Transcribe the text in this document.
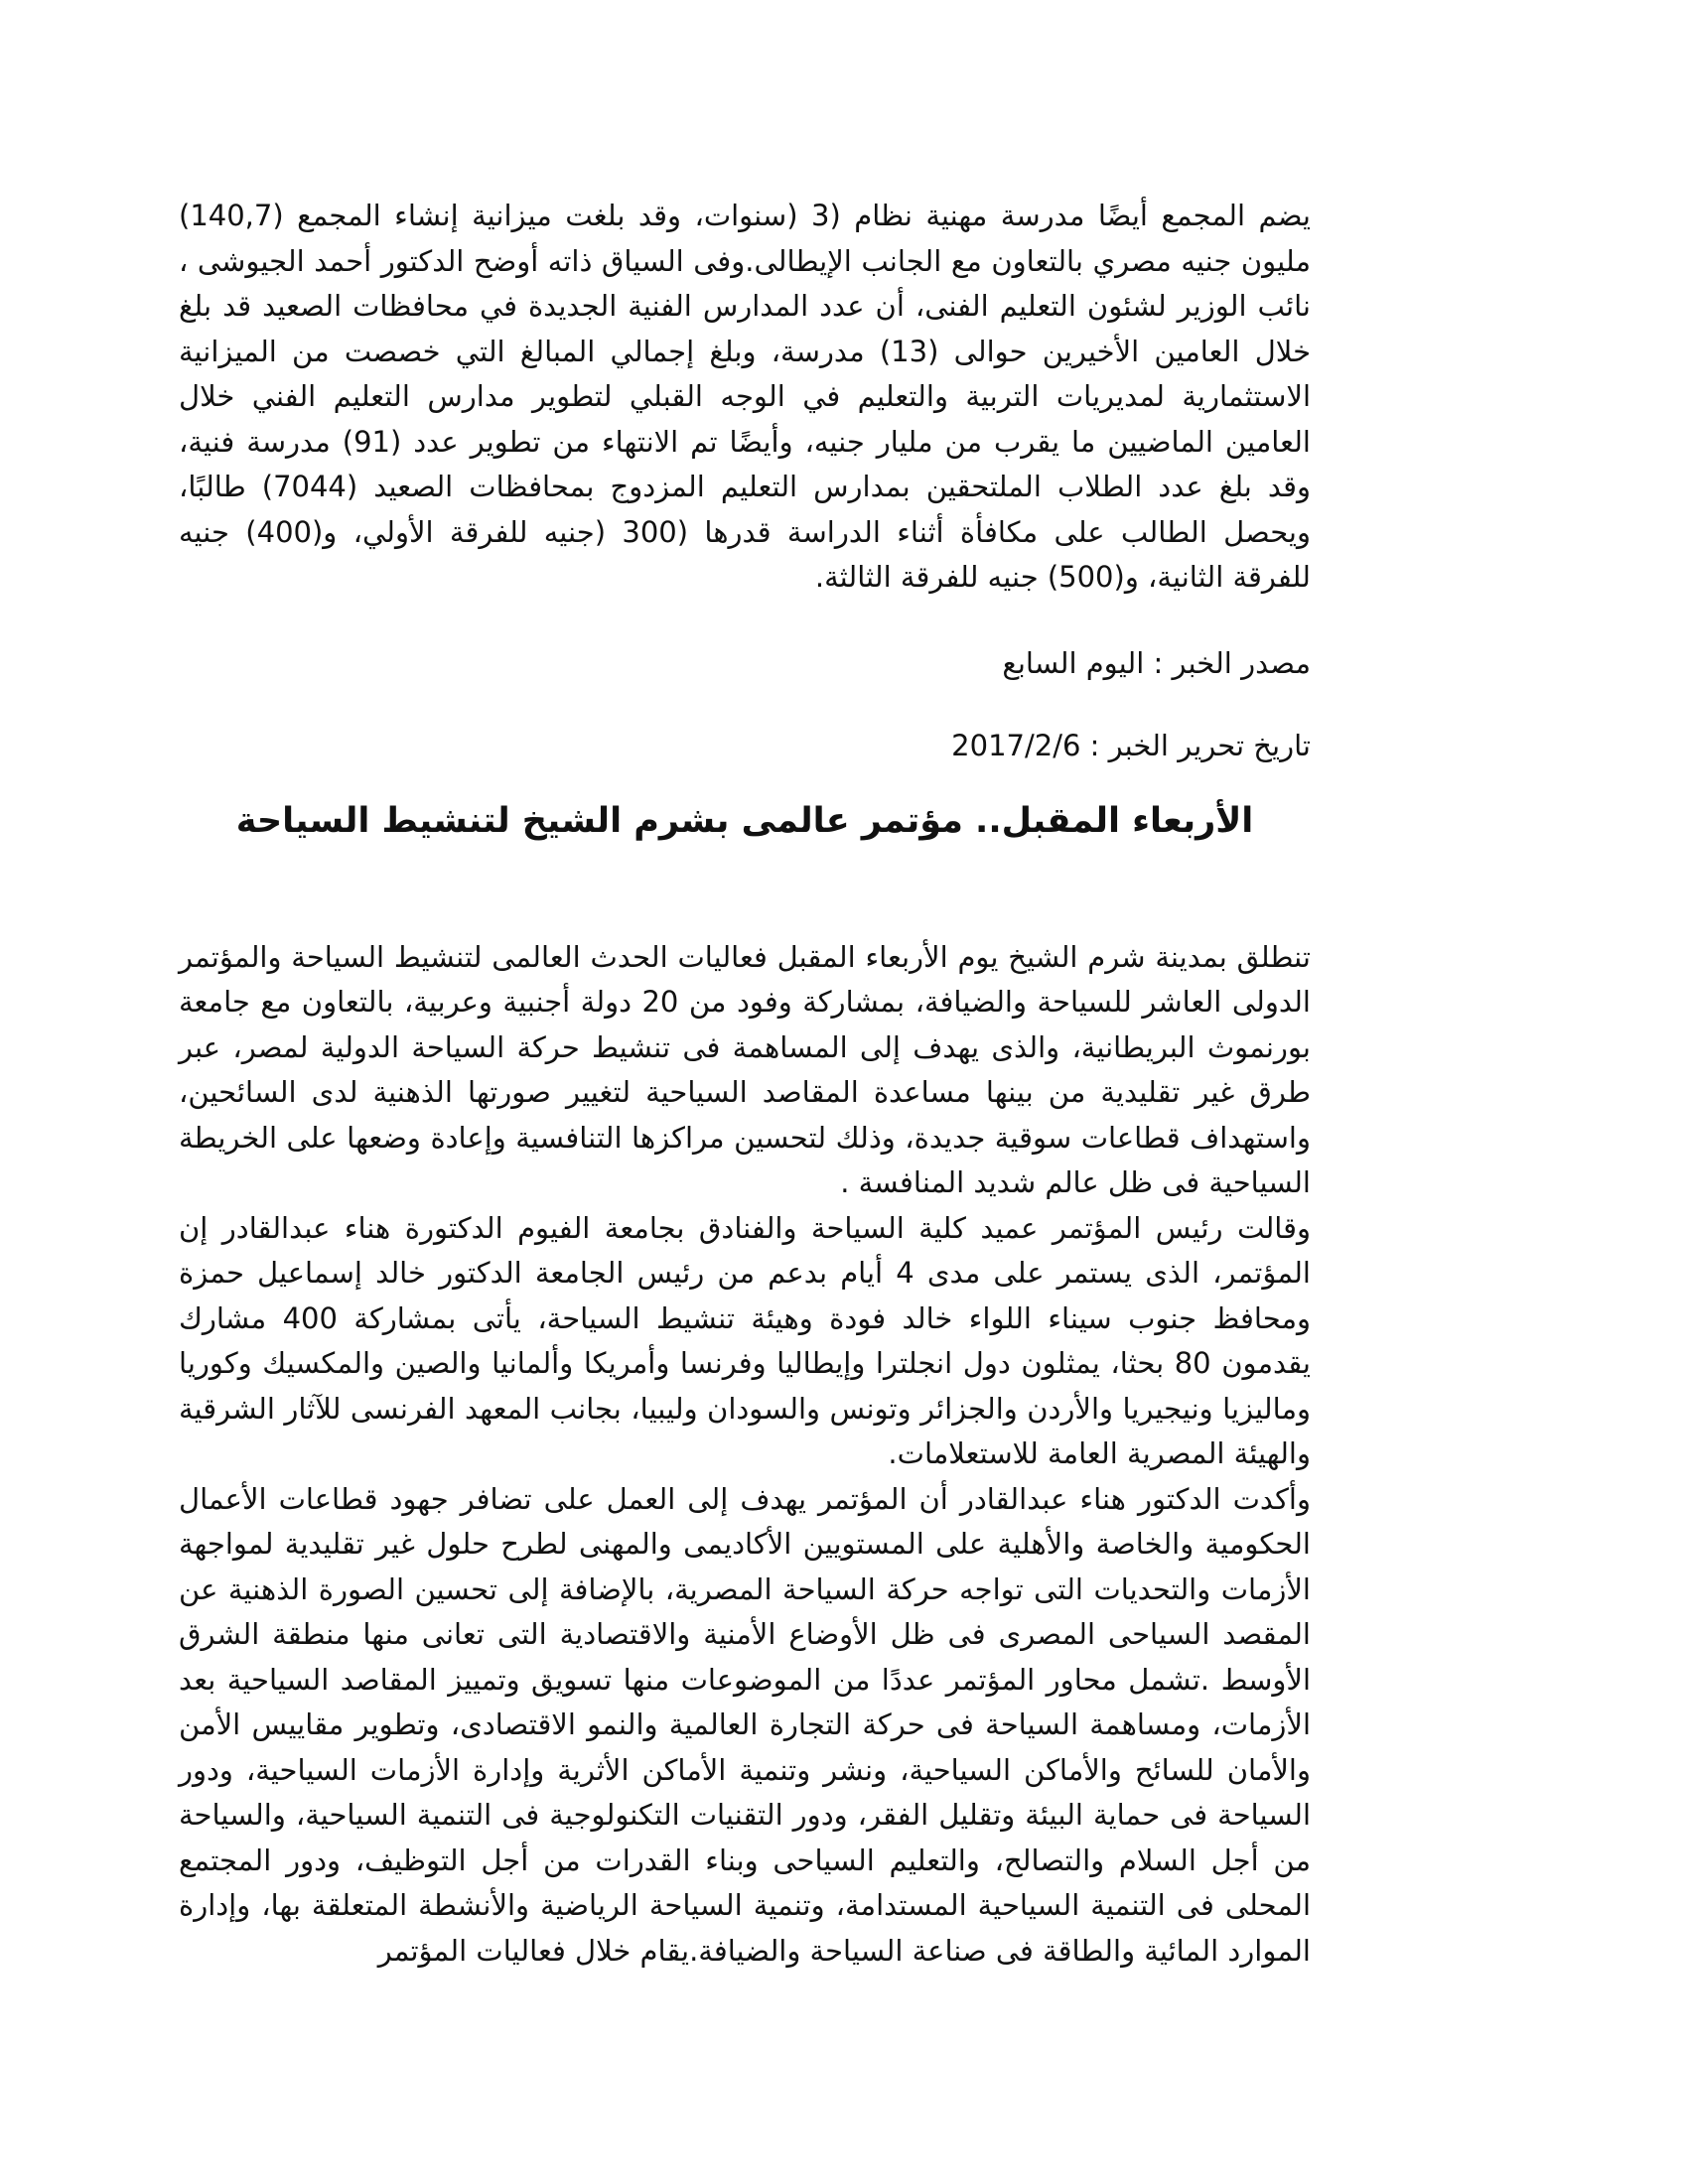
يضم المجمع أيضًا مدرسة مهنية نظام (3 (سنوات، وقد بلغت ميزانية إنشاء المجمع (140,7) مليون جنيه مصري بالتعاون مع الجانب الإيطالى.وفى السياق ذاته أوضح الدكتور أحمد الجيوشى ، نائب الوزير لشئون التعليم الفنى، أن عدد المدارس الفنية الجديدة في محافظات الصعيد قد بلغ خلال العامين الأخيرين حوالى (13) مدرسة، وبلغ إجمالي المبالغ التي خصصت من الميزانية الاستثمارية لمديريات التربية والتعليم في الوجه القبلي لتطوير مدارس التعليم الفني خلال العامين الماضيين ما يقرب من مليار جنيه، وأيضًا تم الانتهاء من تطوير عدد (91) مدرسة فنية، وقد بلغ عدد الطلاب الملتحقين بمدارس التعليم المزدوج بمحافظات الصعيد (7044) طالبًا، ويحصل الطالب على مكافأة أثناء الدراسة قدرها (300 (جنيه للفرقة الأولي، و(400) جنيه للفرقة الثانية، و(500) جنيه للفرقة الثالثة.

مصدر الخبر : اليوم السابع

تاريخ تحرير الخبر : 2017/2/6

الأربعاء المقبل.. مؤتمر عالمى بشرم الشيخ لتنشيط السياحة

تنطلق بمدينة شرم الشيخ يوم الأربعاء المقبل فعاليات الحدث العالمى لتنشيط السياحة والمؤتمر الدولى العاشر للسياحة والضيافة، بمشاركة وفود من 20 دولة أجنبية وعربية، بالتعاون مع جامعة بورنموث البريطانية، والذى يهدف إلى المساهمة فى تنشيط حركة السياحة الدولية لمصر، عبر طرق غير تقليدية من بينها مساعدة المقاصد السياحية لتغيير صورتها الذهنية لدى السائحين، واستهداف قطاعات سوقية جديدة، وذلك لتحسين مراكزها التنافسية وإعادة وضعها على الخريطة السياحية فى ظل عالم شديد المنافسة .

وقالت رئيس المؤتمر عميد كلية السياحة والفنادق بجامعة الفيوم الدكتورة هناء عبدالقادر إن المؤتمر، الذى يستمر على مدى 4 أيام بدعم من رئيس الجامعة الدكتور خالد إسماعيل حمزة ومحافظ جنوب سيناء اللواء خالد فودة وهيئة تنشيط السياحة، يأتى بمشاركة 400 مشارك يقدمون 80 بحثا، يمثلون دول انجلترا وإيطاليا وفرنسا وأمريكا وألمانيا والصين والمكسيك وكوريا وماليزيا ونيجيريا والأردن والجزائر وتونس والسودان وليبيا، بجانب المعهد الفرنسى للآثار الشرقية والهيئة المصرية العامة للاستعلامات.

وأكدت الدكتور هناء عبدالقادر أن المؤتمر يهدف إلى العمل على تضافر جهود قطاعات الأعمال الحكومية والخاصة والأهلية على المستويين الأكاديمى والمهنى لطرح حلول غير تقليدية لمواجهة الأزمات والتحديات التى تواجه حركة السياحة المصرية، بالإضافة إلى تحسين الصورة الذهنية عن المقصد السياحى المصرى فى ظل الأوضاع الأمنية والاقتصادية التى تعانى منها منطقة الشرق الأوسط .تشمل محاور المؤتمر عددًا من الموضوعات منها تسويق وتمييز المقاصد السياحية بعد الأزمات، ومساهمة السياحة فى حركة التجارة العالمية والنمو الاقتصادى، وتطوير مقاييس الأمن والأمان للسائح والأماكن السياحية، ونشر وتنمية الأماكن الأثرية وإدارة الأزمات السياحية، ودور السياحة فى حماية البيئة وتقليل الفقر، ودور التقنيات التكنولوجية فى التنمية السياحية، والسياحة من أجل السلام والتصالح، والتعليم السياحى وبناء القدرات من أجل التوظيف، ودور المجتمع المحلى فى التنمية السياحية المستدامة، وتنمية السياحة الرياضية والأنشطة المتعلقة بها، وإدارة الموارد المائية والطاقة فى صناعة السياحة والضيافة.يقام خلال فعاليات المؤتمر
